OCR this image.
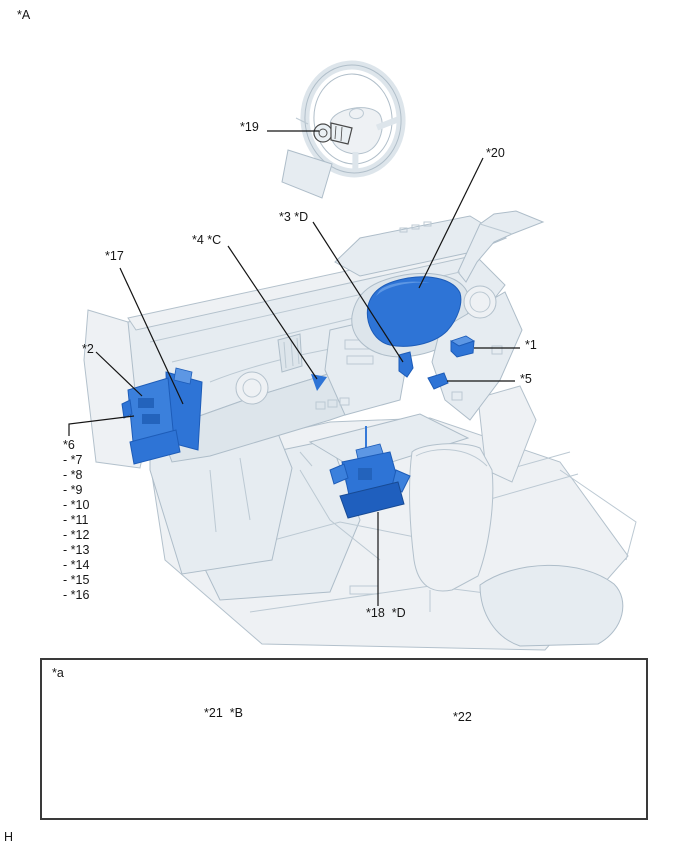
*A
H
*19
*20
*3 *D
*4 *C
*17
*2	*1
*5
*18  *D
*6
- *7
- *8
- *9
- *10
- *11
- *12
- *13
- *14
- *15
- *16
*a
*21  *B	*22
